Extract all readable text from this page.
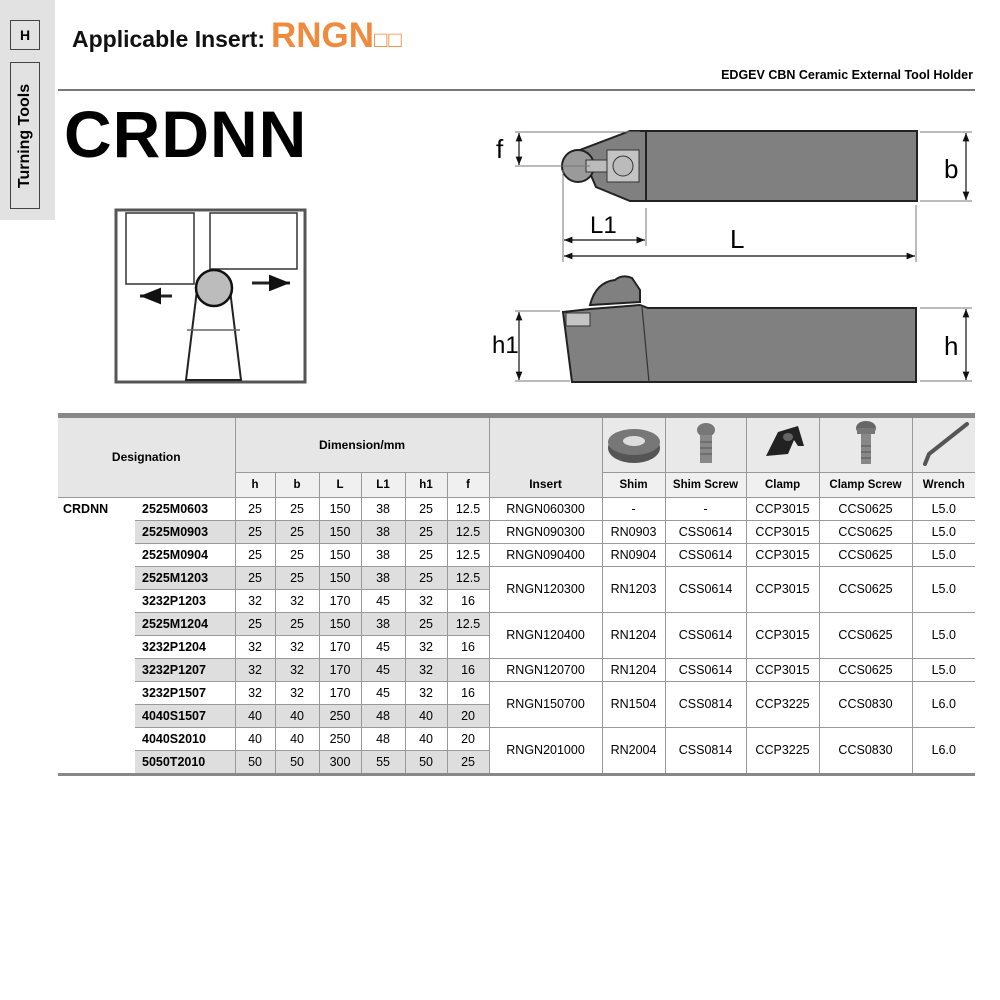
H
Turning Tools
Applicable Insert: RNGN□□
EDGEV CBN Ceramic External Tool Holder
CRDNN	f
b
L1	L
h1	h
Designation		Dimension/mm						Insert					
		h	b	L	L1	h1	f		Shim	Shim Screw	Clamp	Clamp Screw	Wrench
CRDNN	2525M0603	25	25	150	38	25	12.5	RNGN060300	-	-	CCP3015	CCS0625	L5.0
	2525M0903	25	25	150	38	25	12.5	RNGN090300	RN0903	CSS0614	CCP3015	CCS0625	L5.0
	2525M0904	25	25	150	38	25	12.5	RNGN090400	RN0904	CSS0614	CCP3015	CCS0625	L5.0
	2525M1203	25	25	150	38	25	12.5	RNGN120300	RN1203	CSS0614	CCP3015	CCS0625	L5.0
	3232P1203	32	32	170	45	32	16						
	2525M1204	25	25	150	38	25	12.5	RNGN120400	RN1204	CSS0614	CCP3015	CCS0625	L5.0
	3232P1204	32	32	170	45	32	16						
	3232P1207	32	32	170	45	32	16	RNGN120700	RN1204	CSS0614	CCP3015	CCS0625	L5.0
	3232P1507	32	32	170	45	32	16	RNGN150700	RN1504	CSS0814	CCP3225	CCS0830	L6.0
	4040S1507	40	40	250	48	40	20						
	4040S2010	40	40	250	48	40	20	RNGN201000	RN2004	CSS0814	CCP3225	CCS0830	L6.0
	5050T2010	50	50	300	55	50	25						
